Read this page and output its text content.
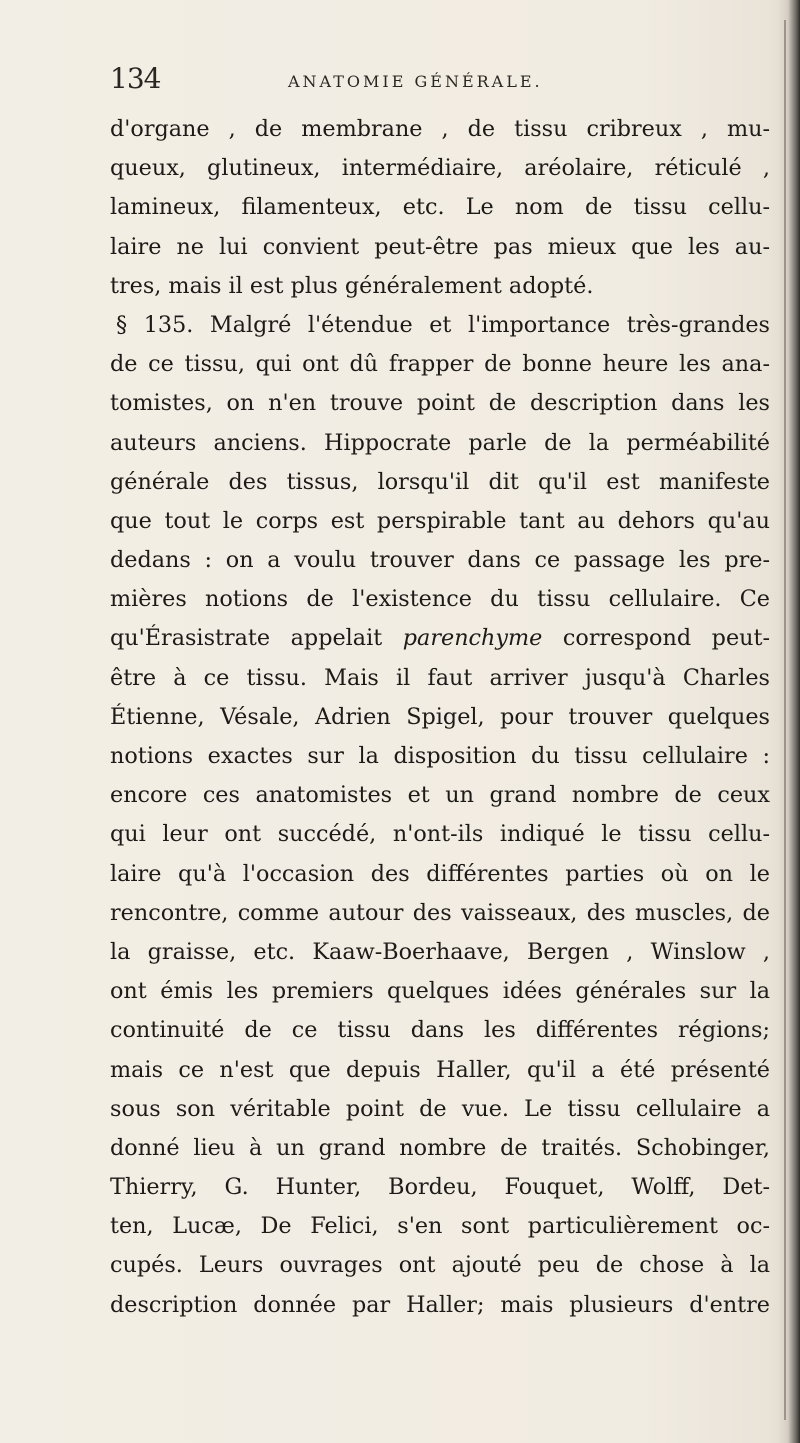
134	ANATOMIE GÉNÉRALE.
d'organe , de membrane , de tissu cribreux , mu-
queux, glutineux, intermédiaire, aréolaire, réticulé ,
lamineux, filamenteux, etc. Le nom de tissu cellu-
laire ne lui convient peut-être pas mieux que les au-
tres, mais il est plus généralement adopté.
§ 135. Malgré l'étendue et l'importance très-grandes
de ce tissu, qui ont dû frapper de bonne heure les ana-
tomistes, on n'en trouve point de description dans les
auteurs anciens. Hippocrate parle de la perméabilité
générale des tissus, lorsqu'il dit qu'il est manifeste
que tout le corps est perspirable tant au dehors qu'au
dedans : on a voulu trouver dans ce passage les pre-
mières notions de l'existence du tissu cellulaire. Ce
qu'Érasistrate appelait parenchyme correspond peut-
être à ce tissu. Mais il faut arriver jusqu'à Charles
Étienne, Vésale, Adrien Spigel, pour trouver quelques
notions exactes sur la disposition du tissu cellulaire :
encore ces anatomistes et un grand nombre de ceux
qui leur ont succédé, n'ont-ils indiqué le tissu cellu-
laire qu'à l'occasion des différentes parties où on le
rencontre, comme autour des vaisseaux, des muscles, de
la graisse, etc. Kaaw-Boerhaave, Bergen , Winslow ,
ont émis les premiers quelques idées générales sur la
continuité de ce tissu dans les différentes régions;
mais ce n'est que depuis Haller, qu'il a été présenté
sous son véritable point de vue. Le tissu cellulaire a
donné lieu à un grand nombre de traités. Schobinger,
Thierry, G. Hunter, Bordeu, Fouquet, Wolff, Det-
ten, Lucæ, De Felici, s'en sont particulièrement oc-
cupés. Leurs ouvrages ont ajouté peu de chose à la
description donnée par Haller; mais plusieurs d'entre
